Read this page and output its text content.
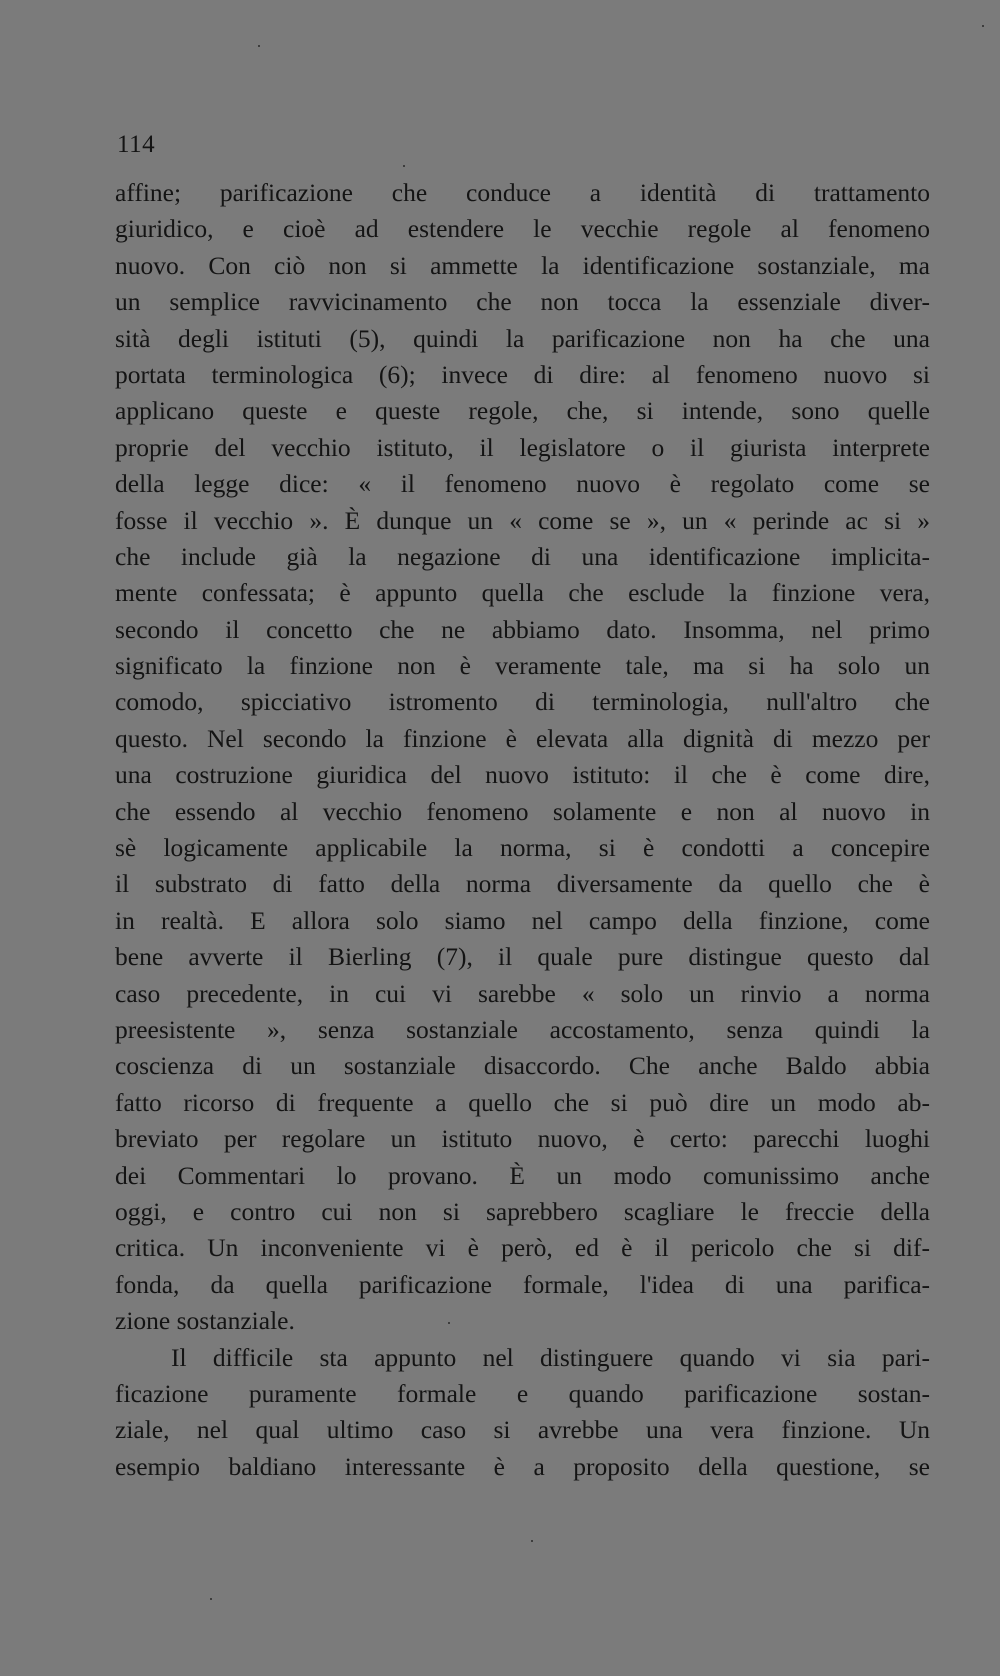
114
affine; parificazione che conduce a identità di trattamento
giuridico, e cioè ad estendere le vecchie regole al fenomeno
nuovo. Con ciò non si ammette la identificazione sostanziale, ma
un semplice ravvicinamento che non tocca la essenziale diver-
sità degli istituti (5), quindi la parificazione non ha che una
portata terminologica (6); invece di dire: al fenomeno nuovo si
applicano queste e queste regole, che, si intende, sono quelle
proprie del vecchio istituto, il legislatore o il giurista interprete
della legge dice: « il fenomeno nuovo è regolato come se
fosse il vecchio ». È dunque un « come se », un « perinde ac si »
che include già la negazione di una identificazione implicita-
mente confessata; è appunto quella che esclude la finzione vera,
secondo il concetto che ne abbiamo dato. Insomma, nel primo
significato la finzione non è veramente tale, ma si ha solo un
comodo, spicciativo istromento di terminologia, null'altro che
questo. Nel secondo la finzione è elevata alla dignità di mezzo per
una costruzione giuridica del nuovo istituto: il che è come dire,
che essendo al vecchio fenomeno solamente e non al nuovo in
sè logicamente applicabile la norma, si è condotti a concepire
il substrato di fatto della norma diversamente da quello che è
in realtà. E allora solo siamo nel campo della finzione, come
bene avverte il Bierling (7), il quale pure distingue questo dal
caso precedente, in cui vi sarebbe « solo un rinvio a norma
preesistente », senza sostanziale accostamento, senza quindi la
coscienza di un sostanziale disaccordo. Che anche Baldo abbia
fatto ricorso di frequente a quello che si può dire un modo ab-
breviato per regolare un istituto nuovo, è certo: parecchi luoghi
dei Commentari lo provano. È un modo comunissimo anche
oggi, e contro cui non si saprebbero scagliare le freccie della
critica. Un inconveniente vi è però, ed è il pericolo che si dif-
fonda, da quella parificazione formale, l'idea di una parifica-
zione sostanziale.
Il difficile sta appunto nel distinguere quando vi sia pari-
ficazione puramente formale e quando parificazione sostan-
ziale, nel qual ultimo caso si avrebbe una vera finzione. Un
esempio baldiano interessante è a proposito della questione, se
